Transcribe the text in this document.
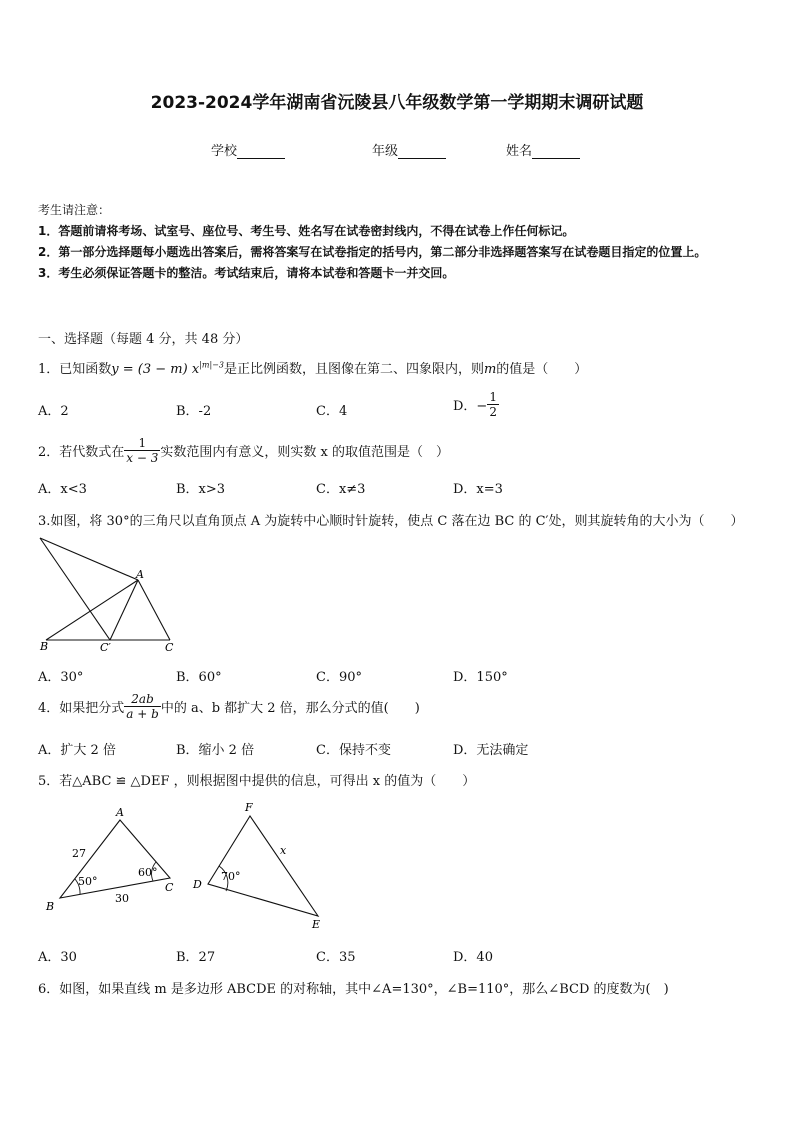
2023-2024学年湖南省沅陵县八年级数学第一学期期末调研试题
学校	年级	姓名
考生请注意：
1．答题前请将考场、试室号、座位号、考生号、姓名写在试卷密封线内，不得在试卷上作任何标记。
2．第一部分选择题每小题选出答案后，需将答案写在试卷指定的括号内，第二部分非选择题答案写在试卷题目指定的位置上。
3．考生必须保证答题卡的整洁。考试结束后，请将本试卷和答题卡一并交回。
一、选择题（每题 4 分，共 48 分）
1．已知函数y = (3 − m) $x^{|m|-3}$是正比例函数，且图像在第二、四象限内，则m的值是（　　）
A．2	B．-2	C．4	D．− $\frac{1}{2}$
2．若代数式在 $\frac{1}{x - 3}$ 实数范围内有意义，则实数 x 的取值范围是（　）
A．x<3	B．x>3	C．x≠3	D．x=3
3.如图，将 30°的三角尺以直角顶点 A 为旋转中心顺时针旋转，使点 C 落在边 BC 的 C′处，则其旋转角的大小为（　　）
A
B	C′	C
A．30°	B．60°	C．90°	D．150°
4．如果把分式 $\frac{2ab}{a + b}$ 中的 a、b 都扩大 2 倍，那么分式的值(　　)
A．扩大 2 倍	B．缩小 2 倍	C．保持不变	D．无法确定
5．若△ABC ≌ △DEF ，则根据图中提供的信息，可得出 x 的值为（　　）
A
B
C
27
30
50°
60°
F
D
E
x
70°
A．30	B．27	C．35	D．40
6．如图，如果直线 m 是多边形 ABCDE 的对称轴，其中∠A=130°，∠B=110°，那么∠BCD 的度数为(　)
